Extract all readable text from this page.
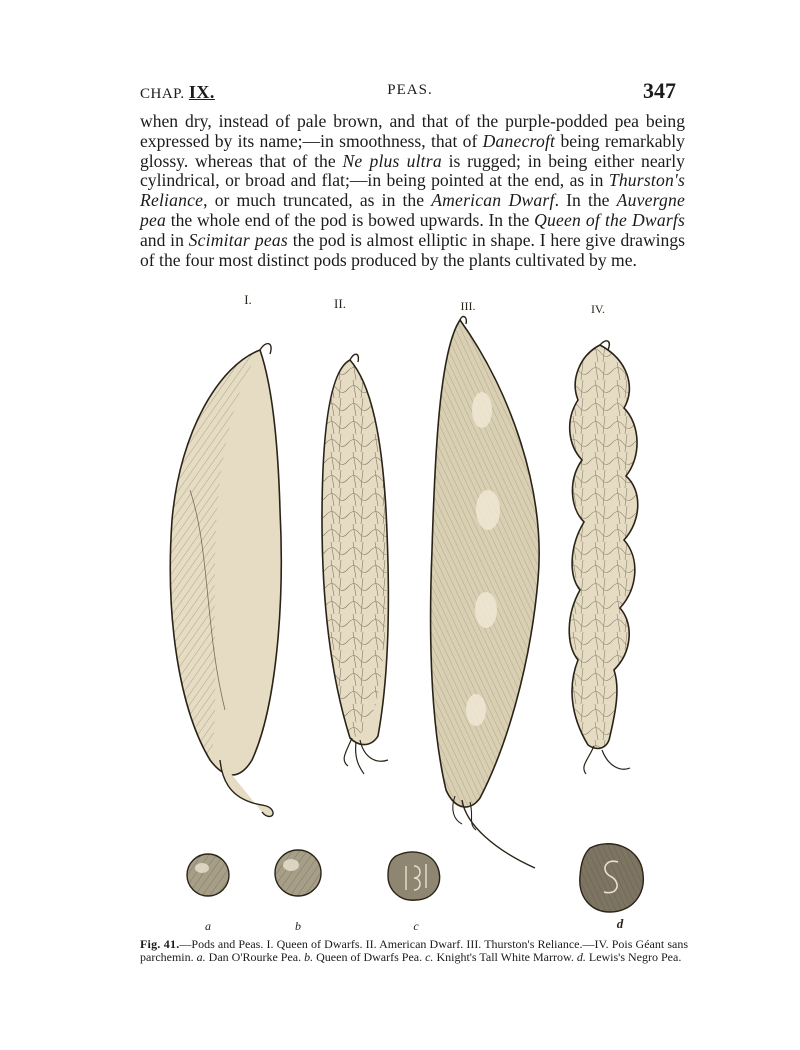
CHAP. IX.	PEAS.	347

when dry, instead of pale brown, and that of the purple-podded pea being expressed by its name;—in smoothness, that of Danecroft being remarkably glossy. whereas that of the Ne plus ultra is rugged; in being either nearly cylindrical, or broad and flat;—in being pointed at the end, as in Thurston's Reliance, or much truncated, as in the American Dwarf. In the Auvergne pea the whole end of the pod is bowed upwards. In the Queen of the Dwarfs and in Scimitar peas the pod is almost elliptic in shape. I here give drawings of the four most distinct pods produced by the plants cultivated by me.

I.	II.	III.	IV.
a	b	c	d

Fig. 41.—Pods and Peas. I. Queen of Dwarfs. II. American Dwarf. III. Thurston's Reliance.—IV. Pois Géant sans parchemin. a. Dan O'Rourke Pea. b. Queen of Dwarfs Pea. c. Knight's Tall White Marrow. d. Lewis's Negro Pea.
